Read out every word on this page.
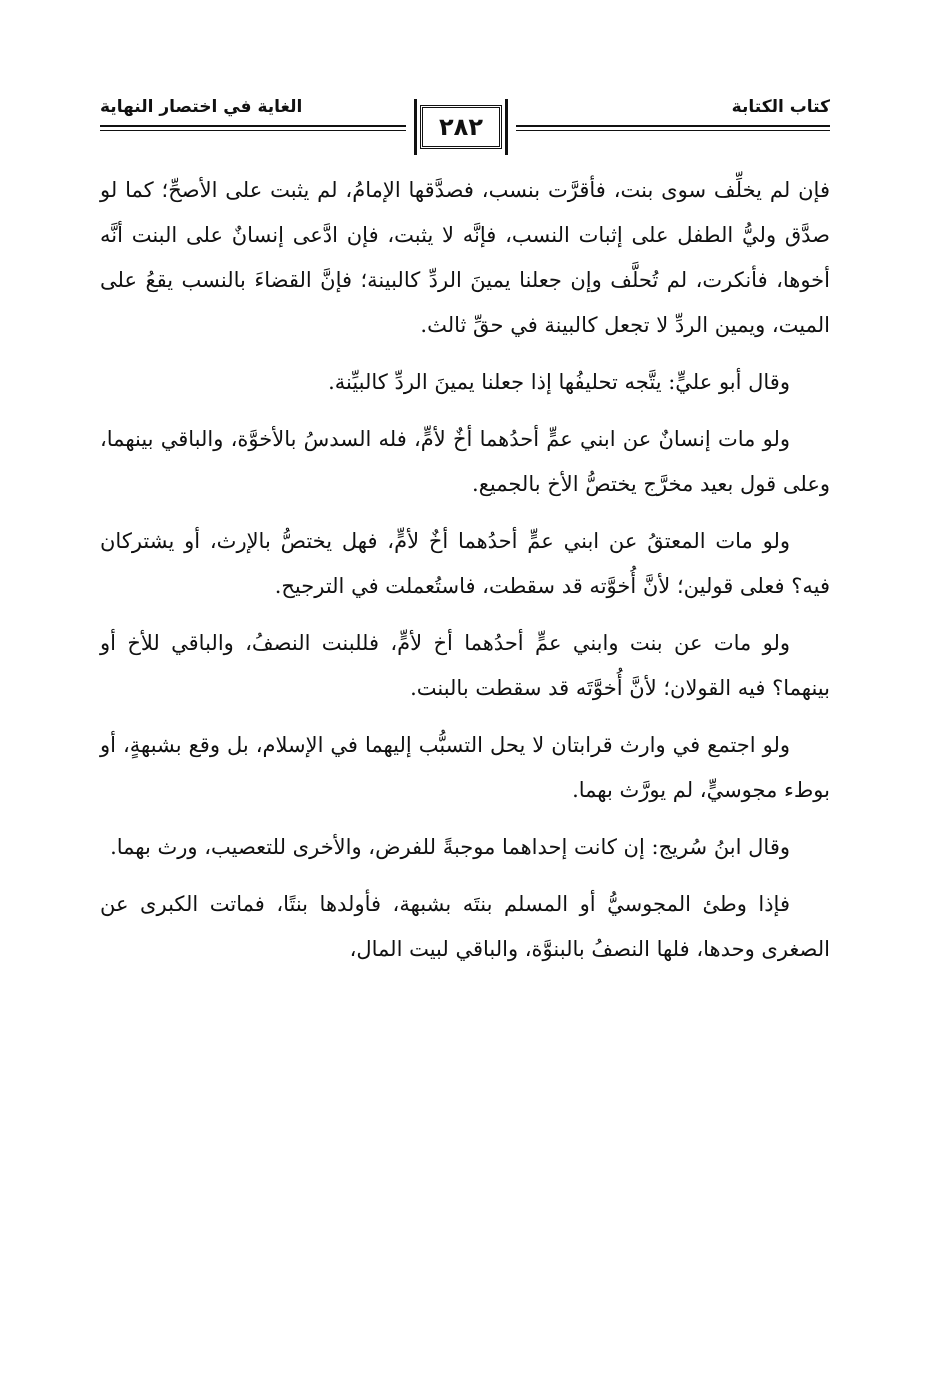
كتاب الكتابة
الغاية في اختصار النهاية
٢٨٢

فإن لم يخلِّف سوى بنت، فأقرَّت بنسب، فصدَّقها الإمامُ، لم يثبت على الأصحِّ؛ كما لو صدَّق وليُّ الطفل على إثبات النسب، فإنَّه لا يثبت، فإن ادَّعى إنسانٌ على البنت أنَّه أخوها، فأنكرت، لم تُحلَّف وإن جعلنا يمينَ الردِّ كالبينة؛ فإنَّ القضاءَ بالنسب يقعُ على الميت، ويمين الردِّ لا تجعل كالبينة في حقِّ ثالث.

وقال أبو عليٍّ: يتَّجه تحليفُها إذا جعلنا يمينَ الردِّ كالبيِّنة.

ولو مات إنسانٌ عن ابني عمٍّ أحدُهما أخٌ لأمٍّ، فله السدسُ بالأخوَّة، والباقي بينهما، وعلى قول بعيد مخرَّج يختصُّ الأخ بالجميع.

ولو مات المعتقُ عن ابني عمٍّ أحدُهما أخٌ لأمٍّ، فهل يختصُّ بالإرث، أو يشتركان فيه؟ فعلى قولين؛ لأنَّ أُخوَّته قد سقطت، فاستُعملت في الترجيح.

ولو مات عن بنت وابني عمٍّ أحدُهما أخ لأمٍّ، فللبنت النصفُ، والباقي للأخ أو بينهما؟ فيه القولان؛ لأنَّ أُخوَّتَه قد سقطت بالبنت.

ولو اجتمع في وارث قرابتان لا يحل التسبُّب إليهما في الإسلام، بل وقع بشبهةٍ، أو بوطء مجوسيٍّ، لم يورَّث بهما.

وقال ابنُ سُريج: إن كانت إحداهما موجبةً للفرض، والأخرى للتعصيب، ورث بهما.

فإذا وطئ المجوسيُّ أو المسلم بنتَه بشبهة، فأولدها بنتًا، فماتت الكبرى عن الصغرى وحدها، فلها النصفُ بالبنوَّة، والباقي لبيت المال،
